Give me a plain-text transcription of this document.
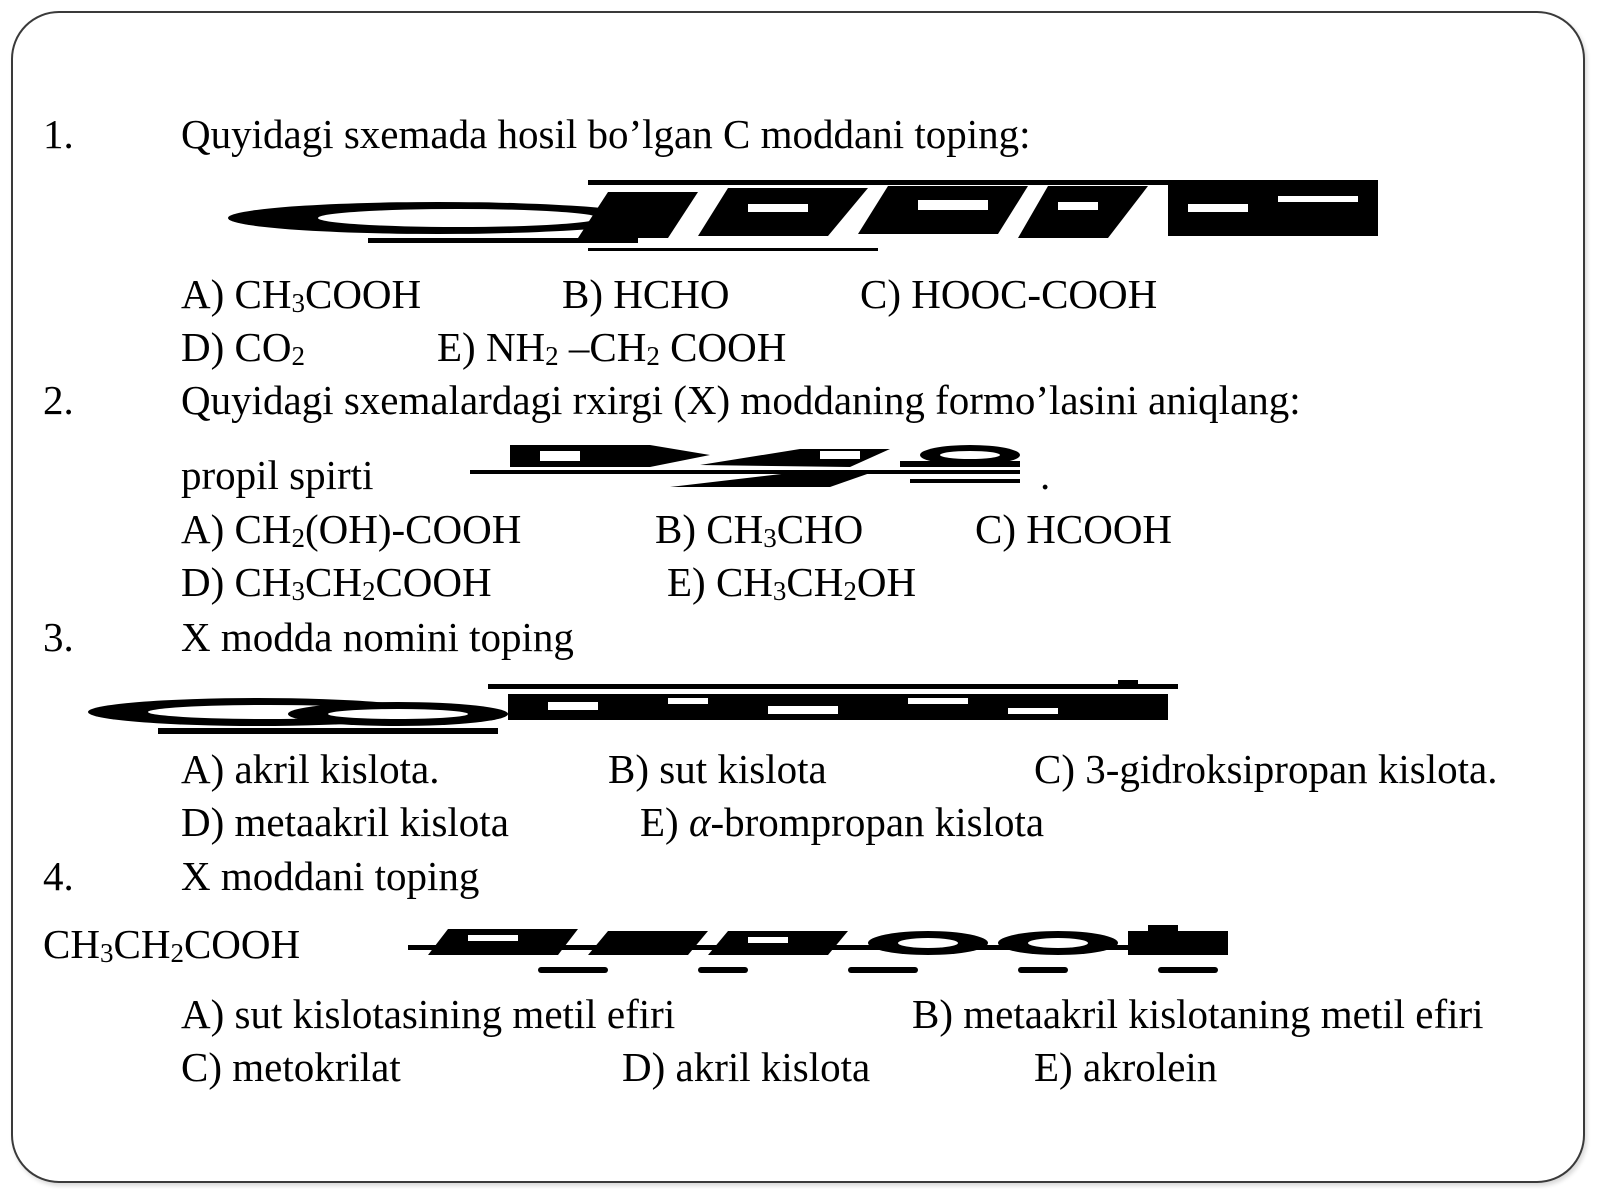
1.	Quyidagi sxemada hosil bo’lgan C moddani toping:
A) $CH_3COOH$	B) HCHO	C) HOOC-COOH
D) $CO_2$	E) $NH_2$ $-CH_2$ COOH
2.	Quyidagi sxemalardagi rxirgi (X) moddaning formo’lasini aniqlang:
propil spirti	.
A) $CH_2(OH)$-COOH	B) $CH_3CHO$	C) HCOOH
D) $CH_3CH_2COOH$	E) $CH_3CH_2OH$
3.	X modda nomini toping
A) akril kislota.	B) sut kislota	C) 3-gidroksipropan kislota.
D) metaakril kislota	E) α-brompropan kislota
4.	X moddani toping
$CH_3CH_2COOH$
A) sut kislotasining metil efiri	B) metaakril kislotaning metil efiri
C) metokrilat	D) akril kislota	E) akrolein
